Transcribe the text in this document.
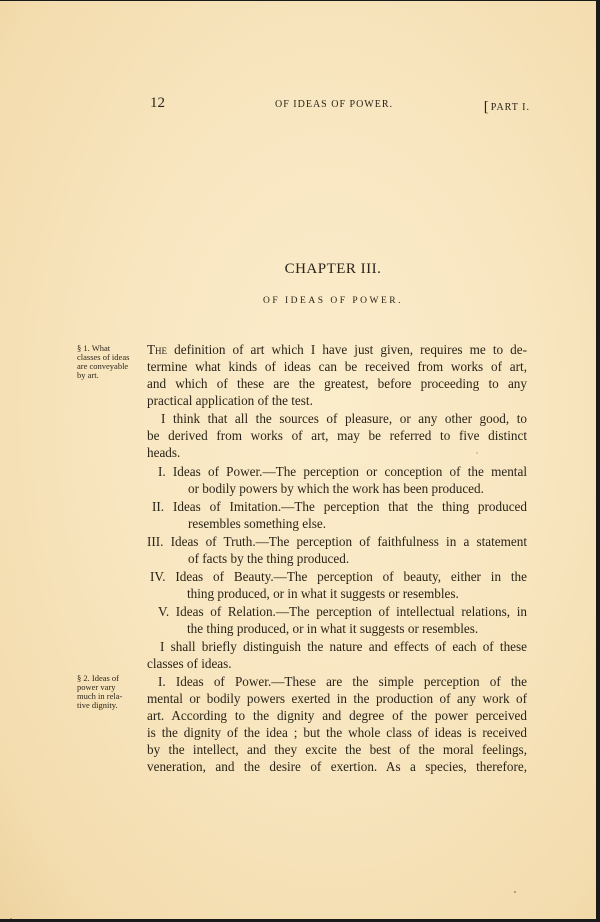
12	OF IDEAS OF POWER.	[ PART I.
CHAPTER III.
OF IDEAS OF POWER.
§ 1. What
classes of ideas
are conveyable
by art.
The definition of art which I have just given, requires me to de-
termine what kinds of ideas can be received from works of art,
and which of these are the greatest, before proceeding to any
practical application of the test.
I think that all the sources of pleasure, or any other good, to
be derived from works of art, may be referred to five distinct
heads.
I. Ideas of Power.—The perception or conception of the mental
or bodily powers by which the work has been produced.
II. Ideas of Imitation.—The perception that the thing produced
resembles something else.
III. Ideas of Truth.—The perception of faithfulness in a statement
of facts by the thing produced.
IV. Ideas of Beauty.—The perception of beauty, either in the
thing produced, or in what it suggests or resembles.
V. Ideas of Relation.—The perception of intellectual relations, in
the thing produced, or in what it suggests or resembles.
I shall briefly distinguish the nature and effects of each of these
classes of ideas.
§ 2. Ideas of
power vary
much in rela-
tive dignity.
I. Ideas of Power.—These are the simple perception of the
mental or bodily powers exerted in the production of any work of
art. According to the dignity and degree of the power perceived
is the dignity of the idea ; but the whole class of ideas is received
by the intellect, and they excite the best of the moral feelings,
veneration, and the desire of exertion. As a species, therefore,
